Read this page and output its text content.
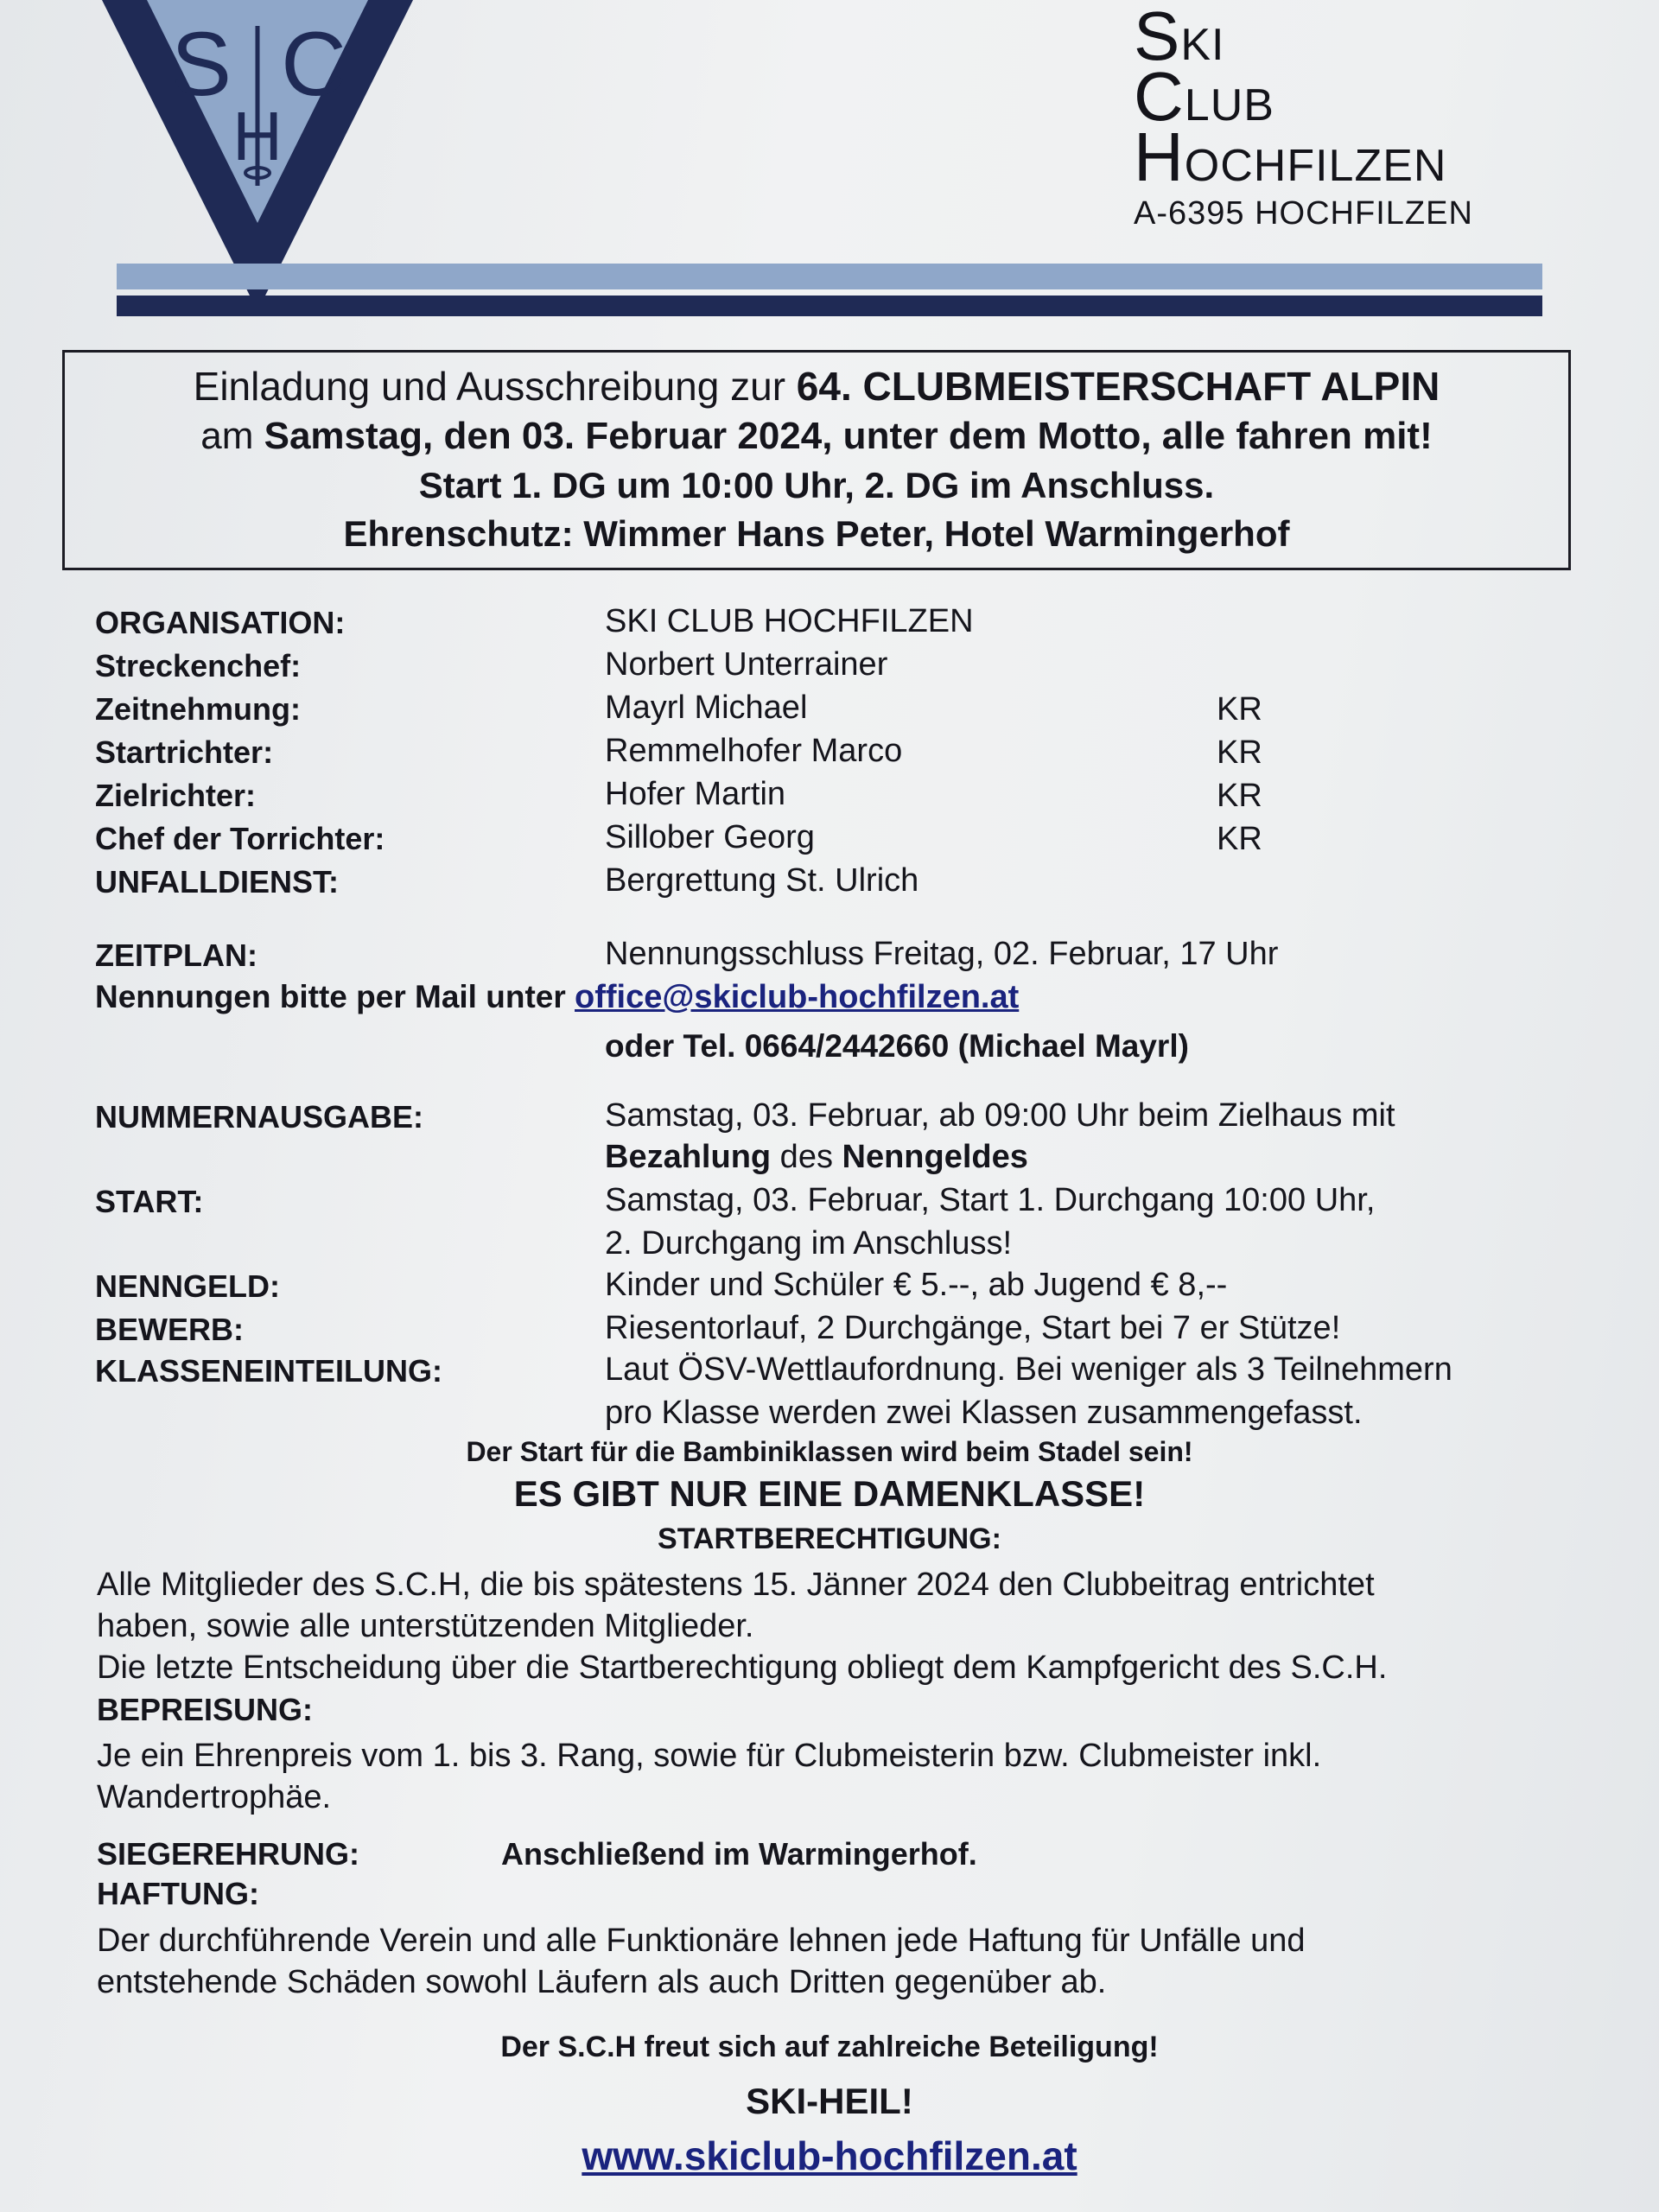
S C
H
SKI
CLUB
HOCHFILZEN
A-6395 HOCHFILZEN
Einladung und Ausschreibung zur 64. CLUBMEISTERSCHAFT ALPIN
am Samstag, den 03. Februar 2024, unter dem Motto, alle fahren mit!
Start 1. DG um 10:00 Uhr, 2. DG im Anschluss.
Ehrenschutz: Wimmer Hans Peter, Hotel Warmingerhof
ORGANISATION:	SKI CLUB HOCHFILZEN
Streckenchef:	Norbert Unterrainer
Zeitnehmung:	Mayrl Michael	KR
Startrichter:	Remmelhofer Marco	KR
Zielrichter:	Hofer Martin	KR
Chef der Torrichter:	Sillober Georg	KR
UNFALLDIENST:	Bergrettung St. Ulrich
ZEITPLAN:	Nennungsschluss Freitag, 02. Februar, 17 Uhr
Nennungen bitte per Mail unter office@skiclub-hochfilzen.at
oder Tel. 0664/2442660 (Michael Mayrl)
NUMMERNAUSGABE:	Samstag, 03. Februar, ab 09:00 Uhr beim Zielhaus mit
Bezahlung des Nenngeldes
START:	Samstag, 03. Februar, Start 1. Durchgang 10:00 Uhr,
2. Durchgang im Anschluss!
NENNGELD:	Kinder und Schüler € 5.--, ab Jugend € 8,--
BEWERB:	Riesentorlauf, 2 Durchgänge, Start bei 7 er Stütze!
KLASSENEINTEILUNG:	Laut ÖSV-Wettlaufordnung. Bei weniger als 3 Teilnehmern
pro Klasse werden zwei Klassen zusammengefasst.
Der Start für die Bambiniklassen wird beim Stadel sein!
ES GIBT NUR EINE DAMENKLASSE!
STARTBERECHTIGUNG:
Alle Mitglieder des S.C.H, die bis spätestens 15. Jänner 2024 den Clubbeitrag entrichtet
haben, sowie alle unterstützenden Mitglieder.
Die letzte Entscheidung über die Startberechtigung obliegt dem Kampfgericht des S.C.H.
BEPREISUNG:
Je ein Ehrenpreis vom 1. bis 3. Rang, sowie für Clubmeisterin bzw. Clubmeister inkl.
Wandertrophäe.
SIEGEREHRUNG:	Anschließend im Warmingerhof.
HAFTUNG:
Der durchführende Verein und alle Funktionäre lehnen jede Haftung für Unfälle und
entstehende Schäden sowohl Läufern als auch Dritten gegenüber ab.
Der S.C.H freut sich auf zahlreiche Beteiligung!
SKI-HEIL!
www.skiclub-hochfilzen.at
